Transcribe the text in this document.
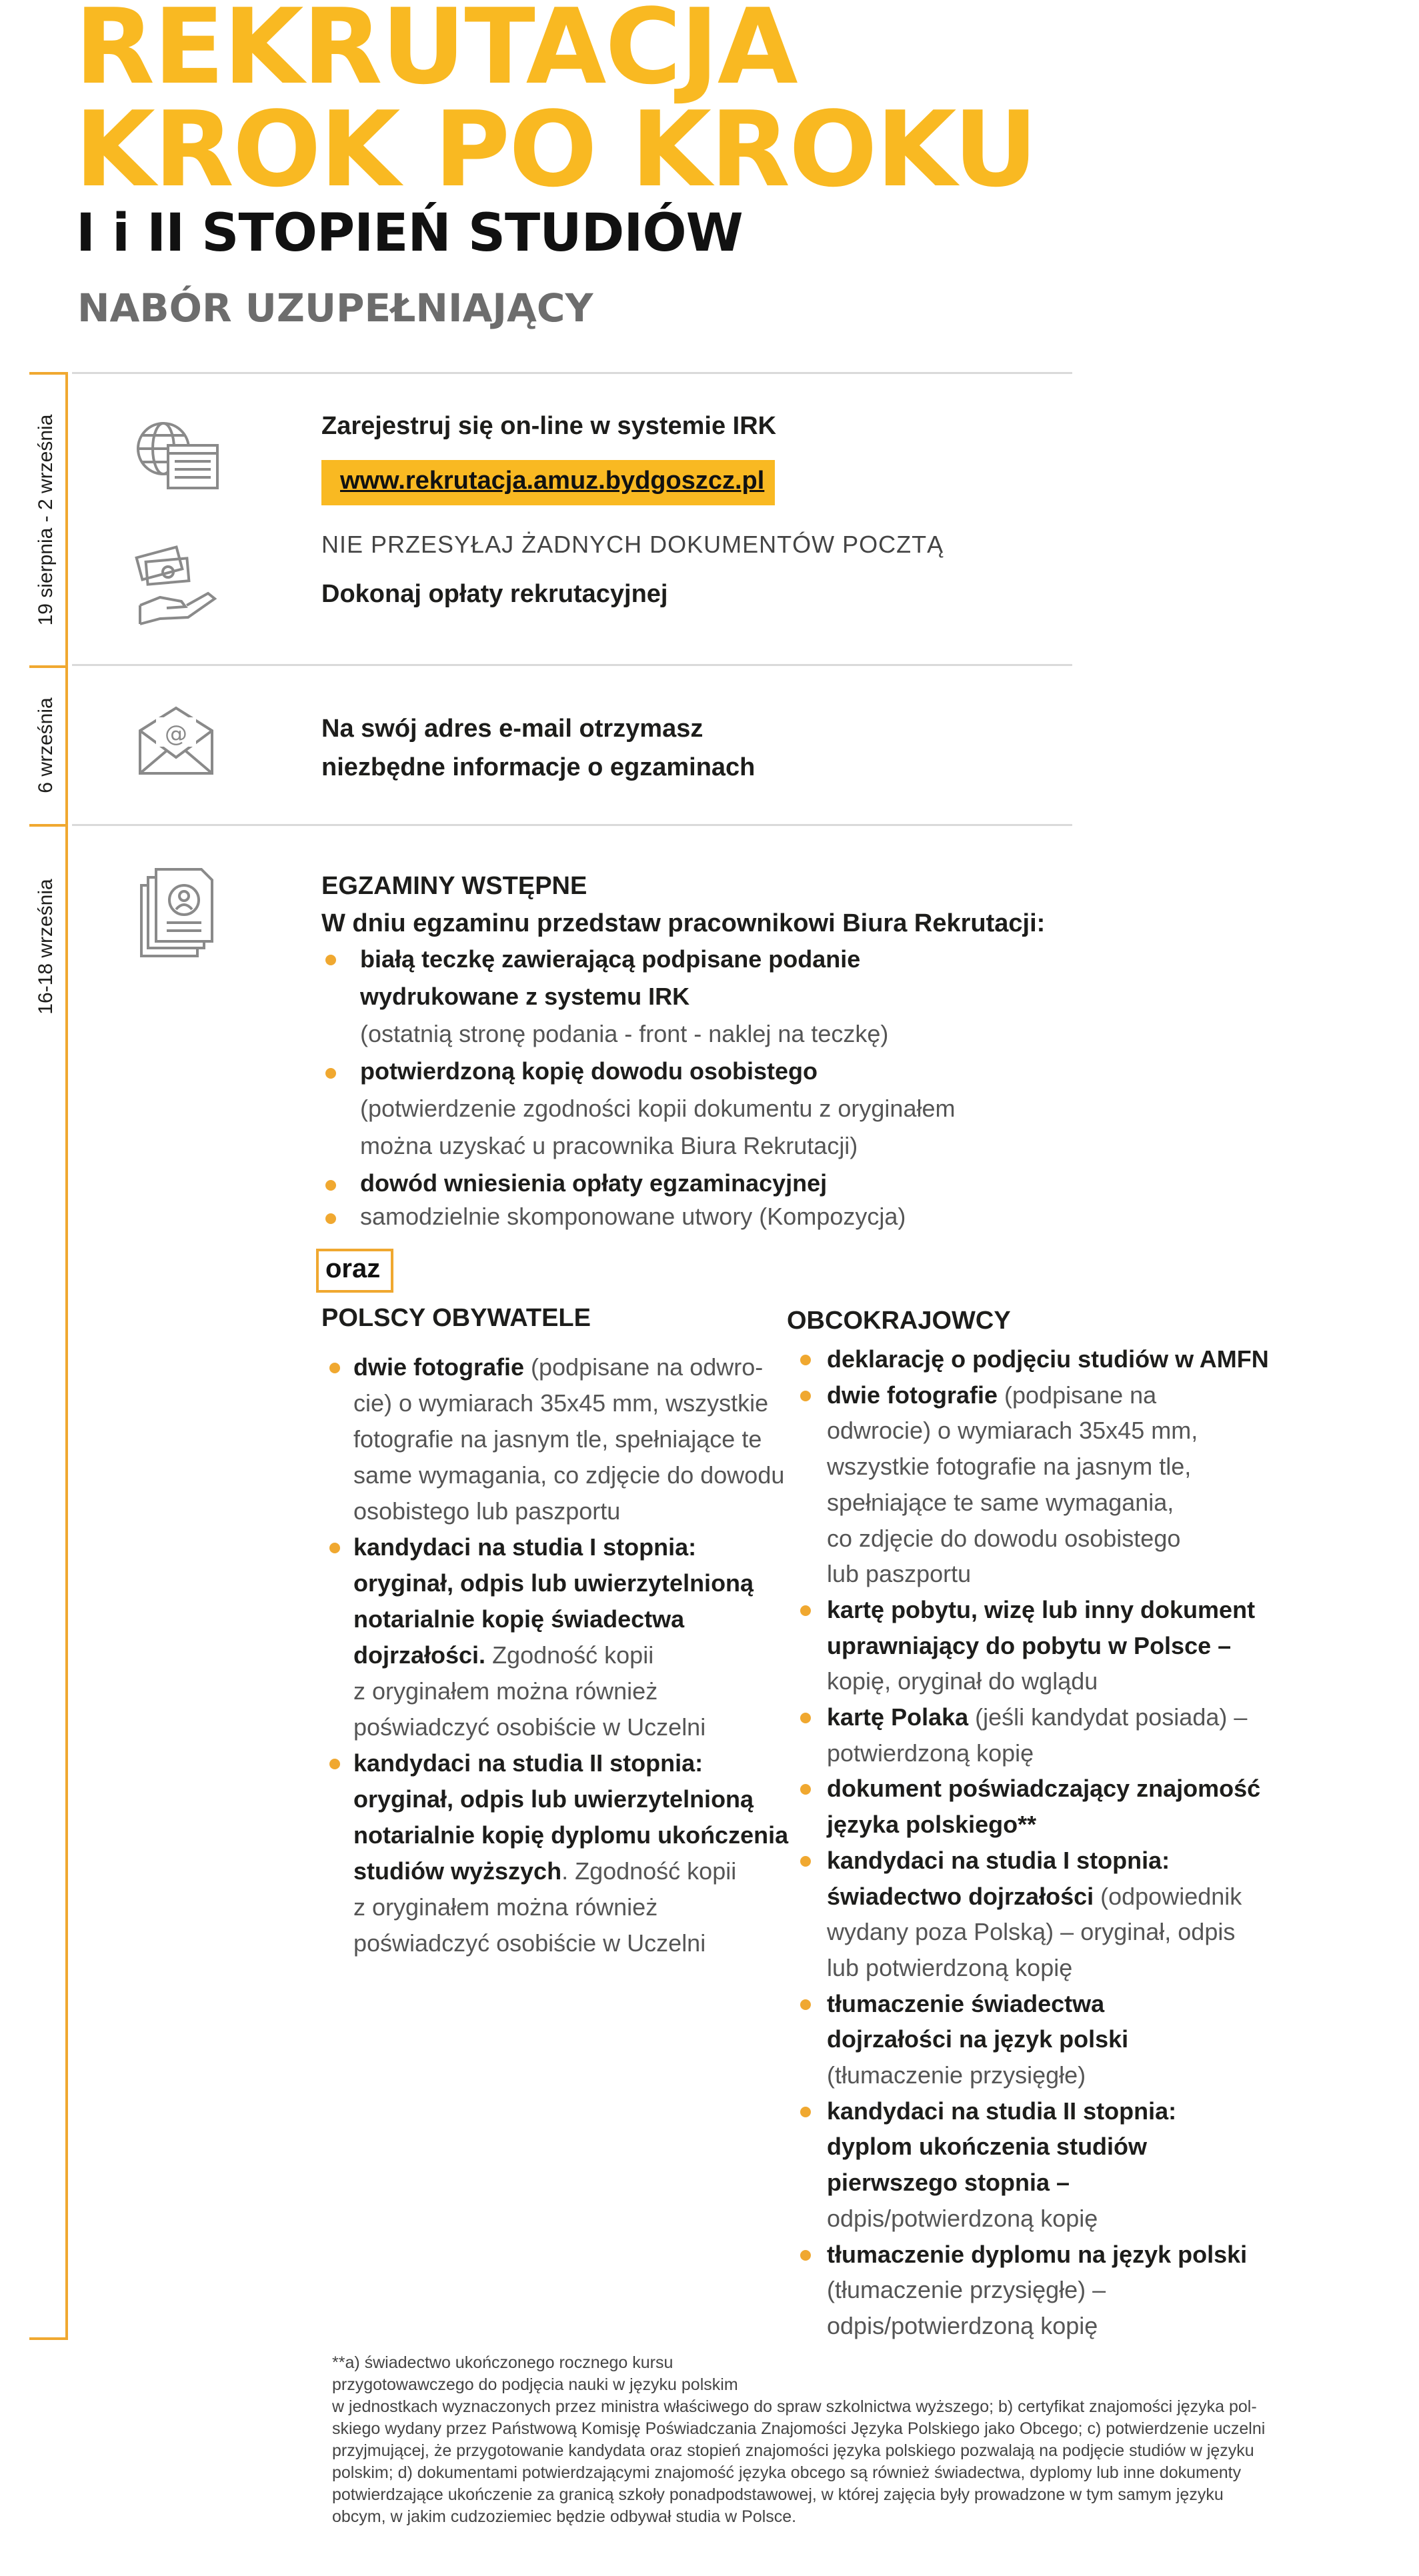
REKRUTACJA
KROK PO KROKU
I i II STOPIEŃ STUDIÓW
NABÓR UZUPEŁNIAJĄCY
19 sierpnia - 2 września
6 września
16-18 września
@
Zarejestruj się on-line w systemie IRK
www.rekrutacja.amuz.bydgoszcz.pl
NIE PRZESYŁAJ ŻADNYCH DOKUMENTÓW POCZTĄ
Dokonaj opłaty rekrutacyjnej
Na swój adres e-mail otrzymasz
niezbędne informacje o egzaminach
EGZAMINY WSTĘPNE
W dniu egzaminu przedstaw pracownikowi Biura Rekrutacji:
białą teczkę zawierającą podpisane podanie
wydrukowane z systemu IRK
(ostatnią stronę podania - front - naklej na teczkę)
potwierdzoną kopię dowodu osobistego
(potwierdzenie zgodności kopii dokumentu z oryginałem
można uzyskać u pracownika Biura Rekrutacji)
dowód wniesienia opłaty egzaminacyjnej
samodzielnie skomponowane utwory (Kompozycja)
oraz
POLSCY OBYWATELE
dwie fotografie (podpisane na odwro-
cie) o wymiarach 35x45 mm, wszystkie
fotografie na jasnym tle, spełniające te
same wymagania, co zdjęcie do dowodu
osobistego lub paszportu
kandydaci na studia I stopnia:
oryginał, odpis lub uwierzytelnioną
notarialnie kopię świadectwa
dojrzałości. Zgodność kopii
z oryginałem można również
poświadczyć osobiście w Uczelni
kandydaci na studia II stopnia:
oryginał, odpis lub uwierzytelnioną
notarialnie kopię dyplomu ukończenia
studiów wyższych. Zgodność kopii
z oryginałem można również
poświadczyć osobiście w Uczelni
OBCOKRAJOWCY
deklarację o podjęciu studiów w AMFN
dwie fotografie (podpisane na
odwrocie) o wymiarach 35x45 mm,
wszystkie fotografie na jasnym tle,
spełniające te same wymagania,
co zdjęcie do dowodu osobistego
lub paszportu
kartę pobytu, wizę lub inny dokument
uprawniający do pobytu w Polsce –
kopię, oryginał do wglądu
kartę Polaka (jeśli kandydat posiada) –
potwierdzoną kopię
dokument poświadczający znajomość
języka polskiego**
kandydaci na studia I stopnia:
świadectwo dojrzałości (odpowiednik
wydany poza Polską) – oryginał, odpis
lub potwierdzoną kopię
tłumaczenie świadectwa
dojrzałości na język polski
(tłumaczenie przysięgłe)
kandydaci na studia II stopnia:
dyplom ukończenia studiów
pierwszego stopnia –
odpis/potwierdzoną kopię
tłumaczenie dyplomu na język polski
(tłumaczenie przysięgłe) –
odpis/potwierdzoną kopię
**a) świadectwo ukończonego rocznego kursu
przygotowawczego do podjęcia nauki w języku polskim
w jednostkach wyznaczonych przez ministra właściwego do spraw szkolnictwa wyższego; b) certyfikat znajomości języka pol-
skiego wydany przez Państwową Komisję Poświadczania Znajomości Języka Polskiego jako Obcego; c) potwierdzenie uczelni
przyjmującej, że przygotowanie kandydata oraz stopień znajomości języka polskiego pozwalają na podjęcie studiów w języku
polskim; d) dokumentami potwierdzającymi znajomość języka obcego są również świadectwa, dyplomy lub inne dokumenty
potwierdzające ukończenie za granicą szkoły ponadpodstawowej, w której zajęcia były prowadzone w tym samym języku
obcym, w jakim cudzoziemiec będzie odbywał studia w Polsce.
